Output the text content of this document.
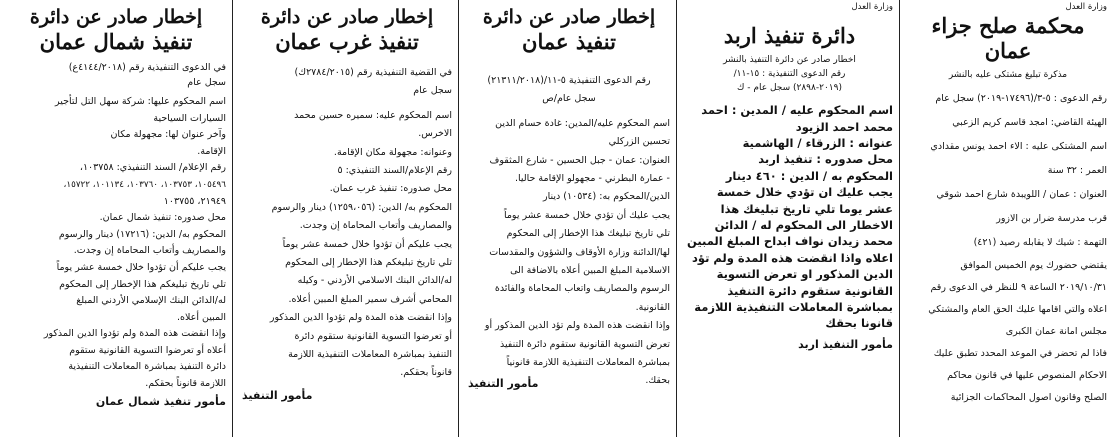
وزارة العدل

محكمة صلح جزاء عمان

مذكرة تبليغ مشتكى عليه بالنشر

رقم الدعوى : ٥-٣/(١٧٤٩٦-٢٠١٩) سجل عام

الهيئة القاضي: امجد قاسم كريم الزعبي

اسم المشتكى عليه : الاء احمد يونس مقدادي

العمر : ٣٢ سنة

العنوان : عمان / اللويبدة شارع احمد شوقي

قرب مدرسة ضرار بن الازور

التهمة : شيك لا يقابله رصيد (٤٢١)

يقتضي حضورك يوم الخميس الموافق

٢٠١٩/١٠/٣١ الساعة ٩ للنظر في الدعوى رقم

اعلاه والتي اقامها عليك الحق العام والمشتكي

مجلس امانة عمان الكبرى

فاذا لم تحضر في الموعد المحدد تطبق عليك

الاحكام المنصوص عليها في قانون محاكم

الصلح وقانون اصول المحاكمات الجزائية

وزارة العدل

دائرة تنفيذ اربد

اخطار صادر عن دائرة التنفيذ بالنشر

رقم الدعوى التنفيذية : ١٥-١١/

(٢٠١٩-٢٨٩٨) سجل عام - ك

اسم المحكوم عليه / المدين : احمد

محمد احمد الزيود

عنوانه : الزرقاء / الهاشمية

محل صدوره : تنفيذ اربد

المحكوم به / الدين : ٤٦٠ دينار

يجب عليك ان تؤدي خلال خمسة

عشر يوما تلي تاريخ تبليغك هذا

الاخطار الى المحكوم له / الدائن

محمد زيدان نواف ابداح المبلغ المبين

اعلاه واذا انقضت هذه المدة ولم تؤد

الدين المذكور او تعرض التسوية

القانونية ستقوم دائرة التنفيذ

بمباشرة المعاملات التنفيذية اللازمة

قانونا بحقك

مأمور التنفيذ اربد

إخطار صادر عن دائرة
تنفيذ عمان

رقم الدعوى التنفيذية ٥-١١/(٢١٣١١/٢٠١٨)

سجل عام/ص

اسم المحكوم عليه/المدين: غادة حسام الدين

تحسين الزركلي

العنوان: عمان - جبل الحسين - شارع المثقوف

- عمارة البطرني - مجهولو الإقامة حاليا.

الدين/المحكوم به: (١٠٥٣٤) دينار

يجب عليك أن تؤدي خلال خمسة عشر يوماً

تلي تاريخ تبليغك هذا الإخطار إلى المحكوم

لها/الدائنة وزارة الأوقاف والشؤون والمقدسات

الاسلامية المبلغ المبين أعلاه بالاضافة الى

الرسوم والمصاريف واتعاب المحاماة والفائدة

القانونية.

وإذا انقضت هذه المدة ولم تؤد الدين المذكور أو

تعرض التسوية القانونية ستقوم دائرة التنفيذ

بمباشرة المعاملات التنفيذية اللازمة قانونياً

بحقك.

مأمور التنفيذ

إخطار صادر عن دائرة
تنفيذ غرب عمان

في القضية التنفيذية رقم (٢٧٨٤/٢٠١٥ك)

سجل عام

اسم المحكوم عليه: سميره حسين محمد

الاخرس.

وعنوانه: مجهولة مكان الإقامة.

رقم الإعلام/السند التنفيذي: ٥

محل صدوره: تنفيذ غرب عمان.

المحكوم به/ الدين: (١٢٥٩،٠٥٦) دينار والرسوم

والمصاريف وأتعاب المحاماة إن وجدت.

يجب عليكم أن تؤدوا خلال خمسة عشر يوماً

تلي تاريخ تبليغكم هذا الإخطار إلى المحكوم

له/الدائن البنك الاسلامي الأردني - وكيله

المحامي أشرف سمير المبلغ المبين أعلاه.

وإذا انقضت هذه المدة ولم تؤدوا الدين المذكور

أو تعرضوا التسوية القانونية ستقوم دائرة

التنفيذ بمباشرة المعاملات التنفيذية اللازمة

قانوناً بحقكم.

مأمور التنفيذ

إخطار صادر عن دائرة
تنفيذ شمال عمان

في الدعوى التنفيذية رقم (٤١٤٤/٢٠١٨ع)

سجل عام

اسم المحكوم عليها: شركة سهل التل لتأجير

السيارات السياحية

وآخر عنوان لها: مجهولة مكان

الإقامة.

رقم الإعلام/ السند التنفيذي: ١٠٣٧٥٨،

١٠٥٤٩٦، ١٠٣٧٥٣، ١٠٣٧٦٠، ١٠١١٣٤، ١٥٧٢٢،

٢١٩٤٩، ١٠٣٧٥٥

محل صدوره: تنفيذ شمال عمان.

المحكوم به/ الدين: (١٧٢١٦) دينار والرسوم

والمصاريف وأتعاب المحاماة إن وجدت.

يجب عليكم أن تؤدوا خلال خمسة عشر يوماً

تلي تاريخ تبليغكم هذا الإخطار إلى المحكوم

له/الدائن البنك الإسلامي الأردني المبلغ

المبين أعلاه.

وإذا انقضت هذه المدة ولم تؤدوا الدين المذكور

أعلاه أو تعرضوا التسوية القانونية ستقوم

دائرة التنفيذ بمباشرة المعاملات التنفيذية

اللازمة قانوناً بحقكم.

مأمور تنفيذ شمال عمان
